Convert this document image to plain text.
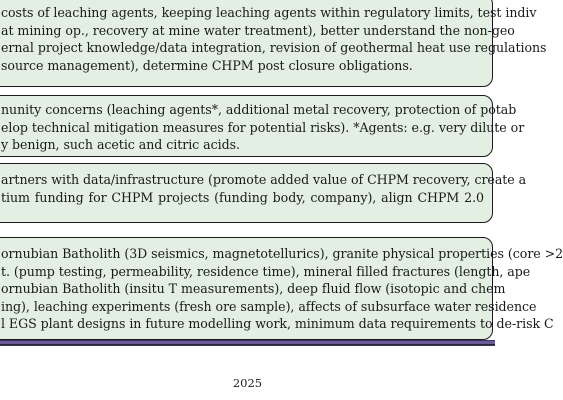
costs of leaching agents, keeping leaching agents within regulatory limits, test indiv
at mining op., recovery at mine water treatment), better understand the non-geo
ernal project knowledge/data integration, revision of geothermal heat use regulations
source management), determine CHPM post closure obligations.
nunity concerns (leaching agents*, additional metal recovery, protection of potab
elop technical mitigation measures for potential risks). *Agents: e.g. very dilute or
y benign, such acetic and citric acids.
artners with data/infrastructure (promote added value of CHPM recovery, create a
tium funding for CHPM projects (funding body, company), align CHPM 2.0
ornubian Batholith (3D seismics, magnetotellurics), granite physical properties (core >2
t. (pump testing, permeability, residence time), mineral filled fractures (length, ape
ornubian Batholith (insitu T measurements), deep fluid flow (isotopic and chem
ing), leaching experiments (fresh ore sample), affects of subsurface water residence
l EGS plant designs in future modelling work, minimum data requirements to de-risk C
2025
